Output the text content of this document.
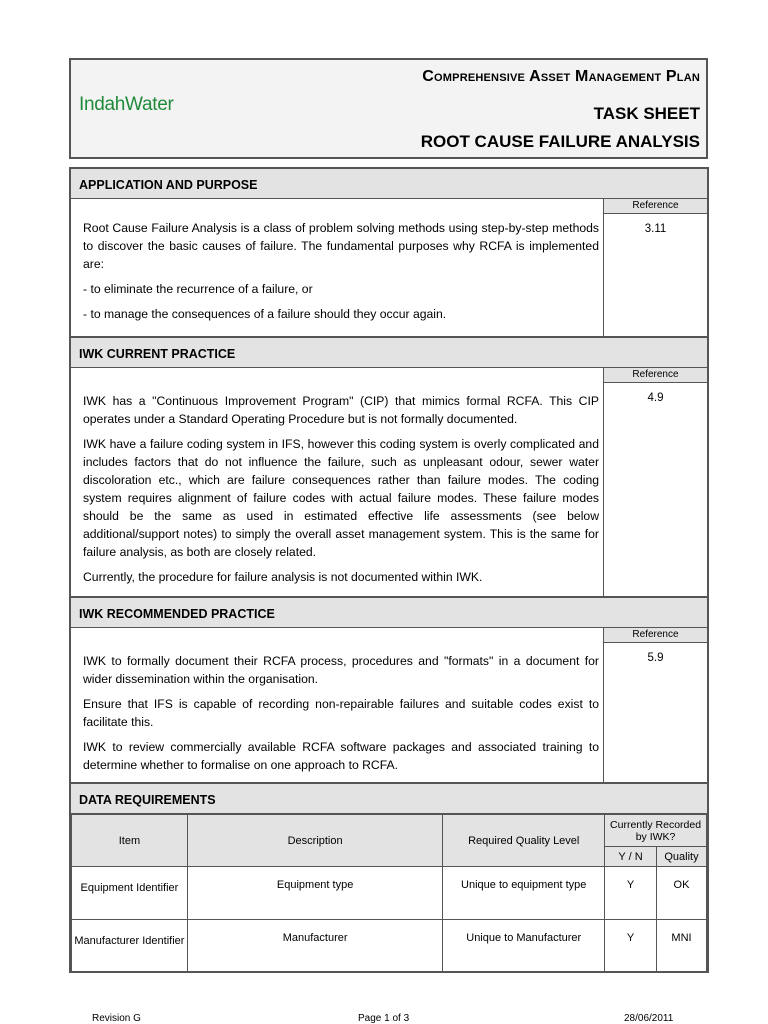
IndahWater
Comprehensive Asset Management Plan
TASK SHEET
ROOT CAUSE FAILURE ANALYSIS
APPLICATION AND PURPOSE
Reference
3.11

Root Cause Failure Analysis is a class of problem solving methods using step-by-step methods to discover the basic causes of failure. The fundamental purposes why RCFA is implemented are:

- to eliminate the recurrence of a failure, or

- to manage the consequences of a failure should they occur again.

IWK CURRENT PRACTICE
Reference
4.9

IWK has a "Continuous Improvement Program" (CIP) that mimics formal RCFA. This CIP operates under a Standard Operating Procedure but is not formally documented.

IWK have a failure coding system in IFS, however this coding system is overly complicated and includes factors that do not influence the failure, such as unpleasant odour, sewer water discoloration etc., which are failure consequences rather than failure modes. The coding system requires alignment of failure codes with actual failure modes. These failure modes should be the same as used in estimated effective life assessments (see below additional/support notes) to simply the overall asset management system. This is the same for failure analysis, as both are closely related.

Currently, the procedure for failure analysis is not documented within IWK.

IWK RECOMMENDED PRACTICE
Reference
5.9

IWK to formally document their RCFA process, procedures and "formats" in a document for wider dissemination within the organisation.

Ensure that IFS is capable of recording non-repairable failures and suitable codes exist to facilitate this.

IWK to review commercially available RCFA software packages and associated training to determine whether to formalise on one approach to RCFA.

DATA REQUIREMENTS
Item	Description	Required Quality Level	Currently Recorded by IWK?	
			Y / N	Quality
Equipment Identifier	Equipment type	Unique to equipment type	Y	OK
Manufacturer Identifier	Manufacturer	Unique to Manufacturer	Y	MNI
Revision G	Page 1 of 3	28/06/2011
